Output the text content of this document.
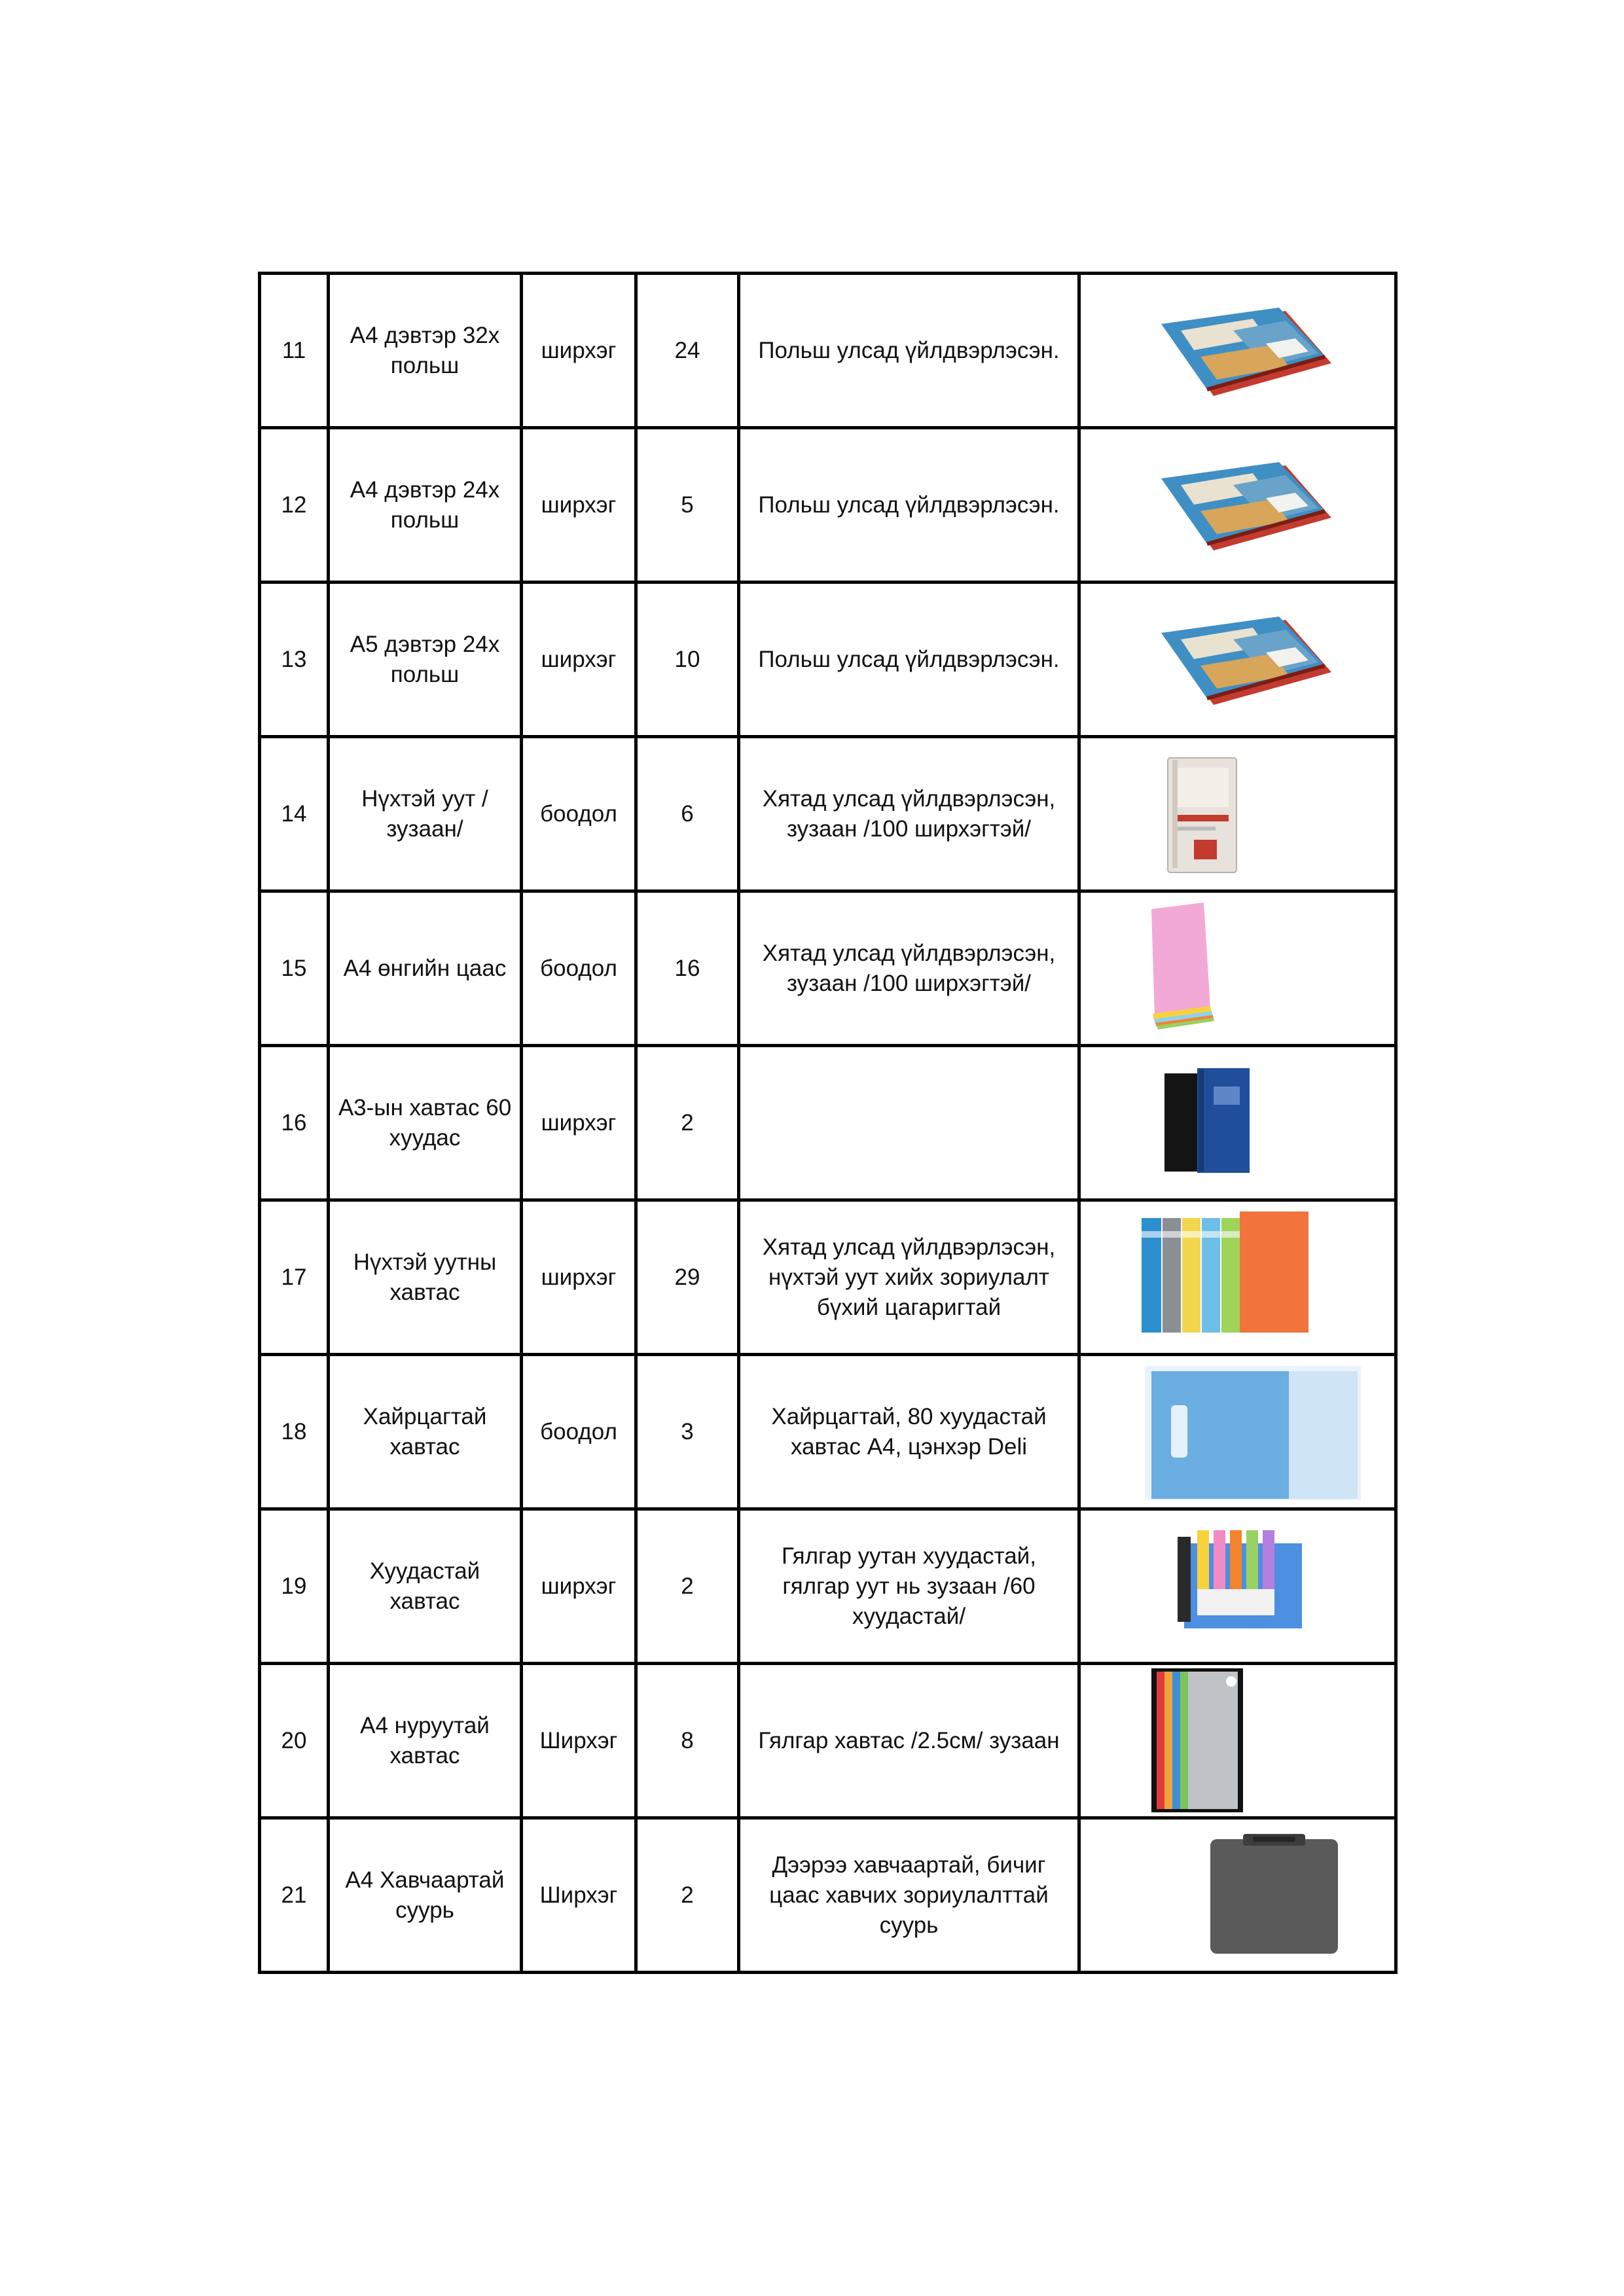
11	А4 дэвтэр 32х польш	ширхэг	24	Польш улсад үйлдвэрлэсэн.	

12	А4 дэвтэр 24х польш	ширхэг	5	Польш улсад үйлдвэрлэсэн.	

13	А5 дэвтэр 24х польш	ширхэг	10	Польш улсад үйлдвэрлэсэн.	

14	Нүхтэй уут /зузаан/	боодол	6	Хятад улсад үйлдвэрлэсэн, зузаан /100 ширхэгтэй/	

15	А4 өнгийн цаас	боодол	16	Хятад улсад үйлдвэрлэсэн, зузаан /100 ширхэгтэй/	

16	А3-ын хавтас 60 хуудас	ширхэг	2		

17	Нүхтэй уутны хавтас	ширхэг	29	Хятад улсад үйлдвэрлэсэн, нүхтэй уут хийх зориулалт бүхий цагаригтай	

18	Хайрцагтай хавтас	боодол	3	Хайрцагтай, 80 хуудастай хавтас А4, цэнхэр Deli	

19	Хуудастай хавтас	ширхэг	2	Гялгар уутан хуудастай, гялгар уут нь зузаан /60 хуудастай/	

20	А4 нуруутай хавтас	Ширхэг	8	Гялгар хавтас /2.5см/ зузаан	

21	А4 Хавчаартай суурь	Ширхэг	2	Дээрээ хавчаартай, бичиг цаас хавчих зориулалттай суурь	
